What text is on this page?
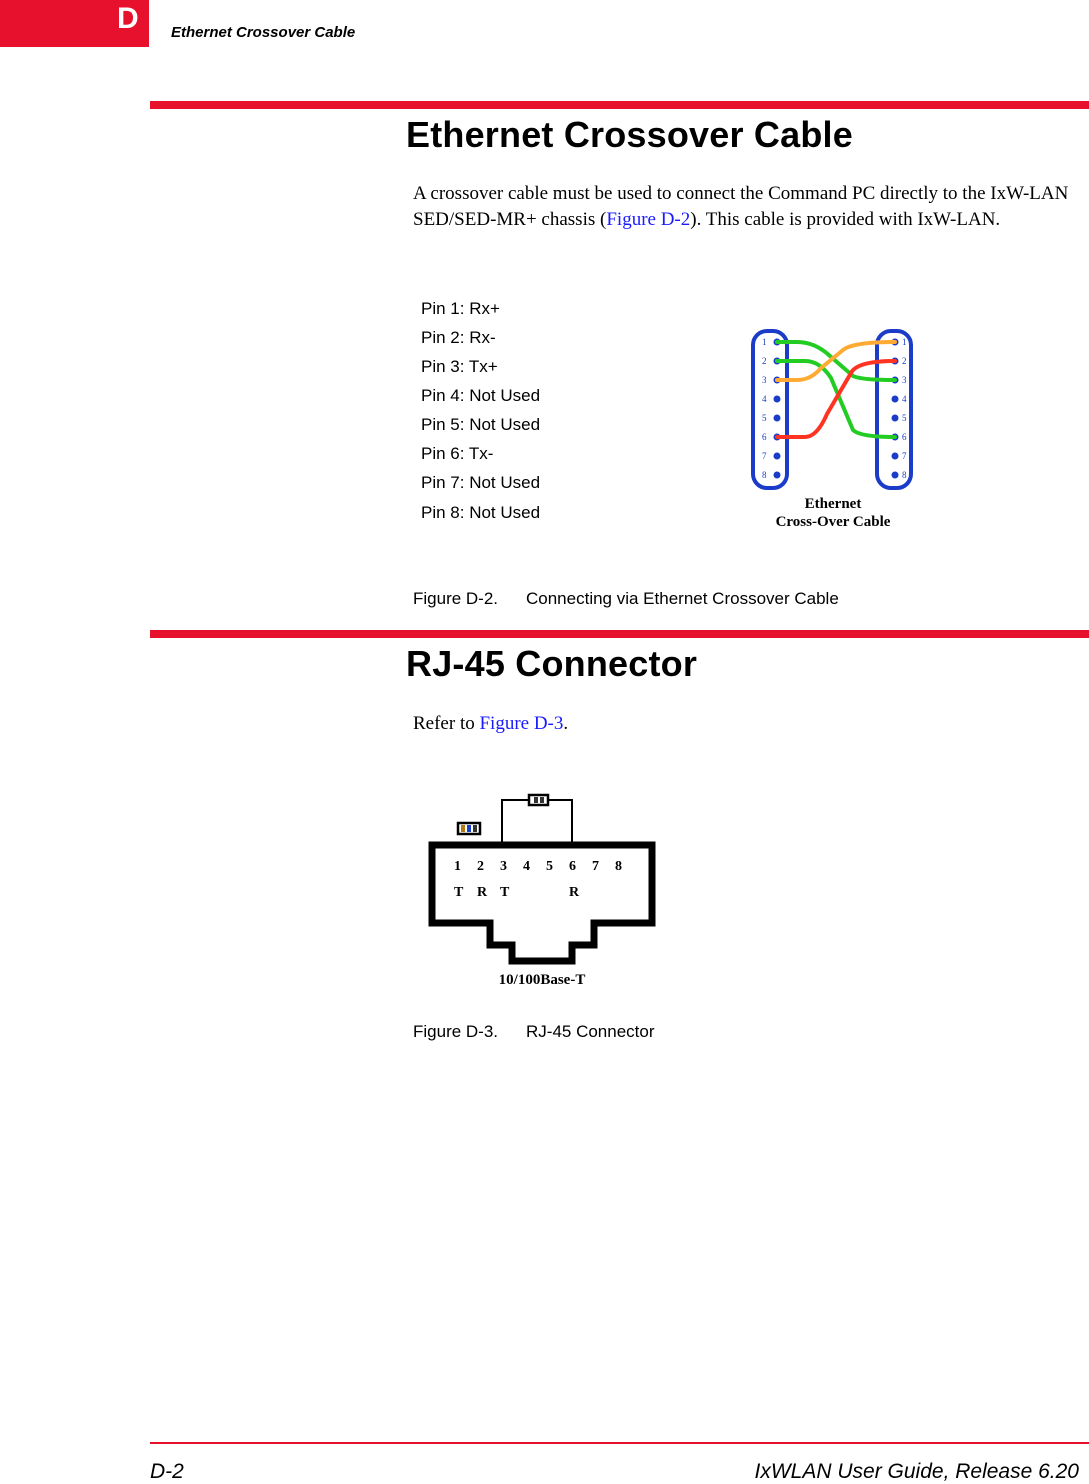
D Ethernet Crossover Cable
Ethernet Crossover Cable
A crossover cable must be used to connect the Command PC directly to the IxW-LAN SED/SED-MR+ chassis (Figure D-2). This cable is provided with IxW-LAN.
Pin 1: Rx+
Pin 2: Rx-
Pin 3: Tx+
Pin 4: Not Used
Pin 5: Not Used
Pin 6: Tx-
Pin 7: Not Used
Pin 8: Not Used
1
2
3
4
5
6
7
8
1
2
3
4
5
6
7
8
Ethernet
Cross-Over Cable
Figure D-2. Connecting via Ethernet Crossover Cable
RJ-45 Connector
Refer to Figure D-3.
1 2 3 4 5 6 7 8
T R T	R
10/100Base-T
Figure D-3. RJ-45 Connector
D-2	IxWLAN User Guide, Release 6.20
